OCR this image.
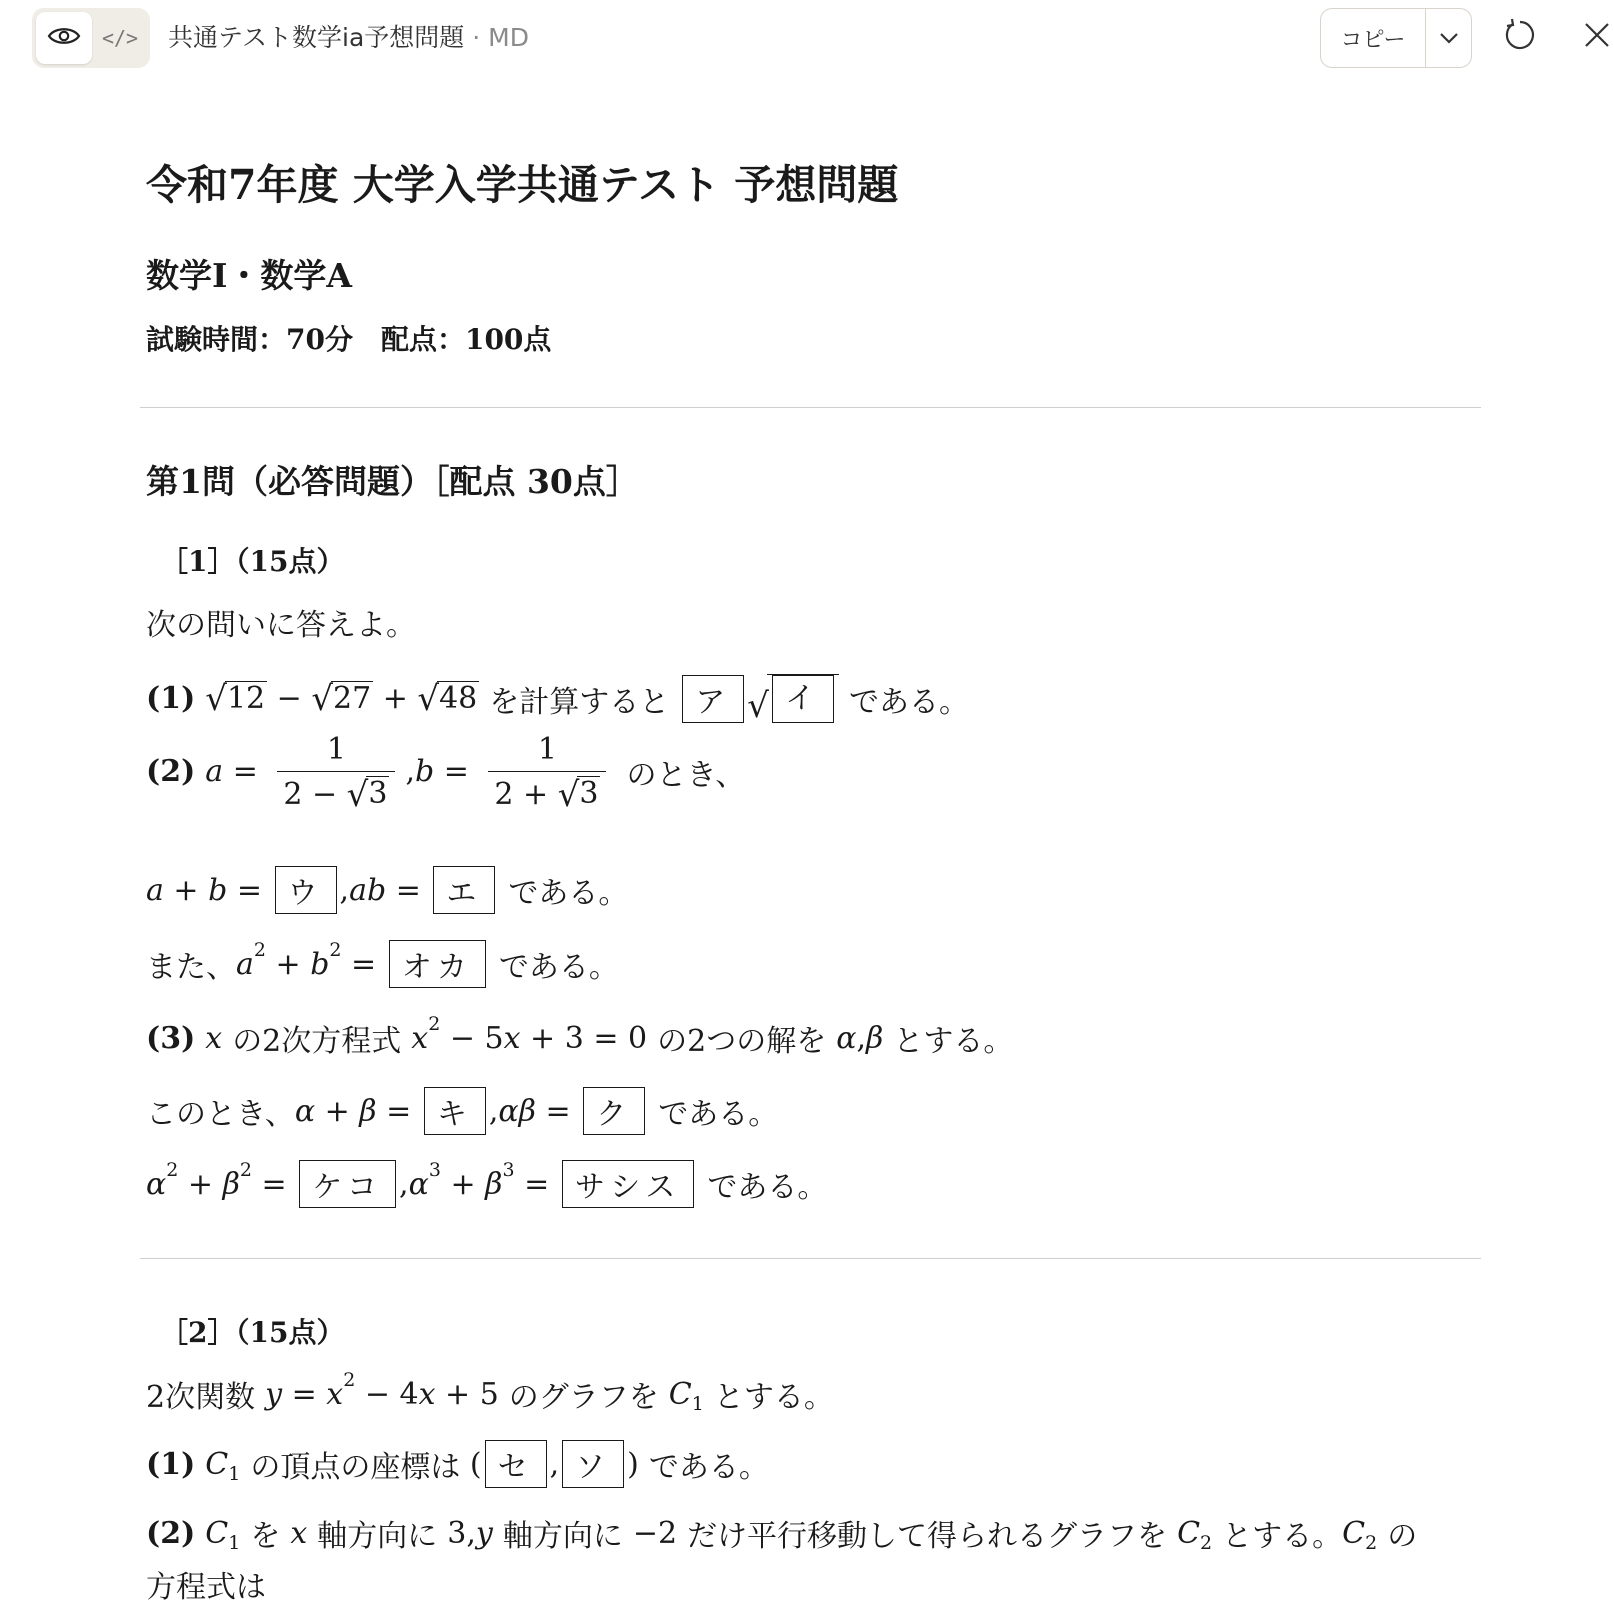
</> 共通テスト数学ia予想問題 · MD	コピー
令和7年度 大学入学共通テスト 予想問題
数学I・数学A
試験時間：70分　配点：100点
第1問（必答問題）［配点 30点］
［1］（15点）
次の問いに答えよ。
(1) √ 12 − √ 27 + √ 48 を計算すると ア √ イ である。
(2) $a = \frac{1}{2 - √ 3}$ , $b = \frac{1}{2 + √ 3}$ のとき、
a + b = ウ , ab = エ である。
また、 a 2 + b 2 = オカ である。
(3) x の2次方程式 x 2 − 5 x + 3 = 0 の2つの解を α , β とする。
このとき、 α + β = キ , αβ = ク である。
α 2 + β 2 = ケコ , α 3 + β 3 = サシス である。
［2］（15点）
2次関数 y = x 2 − 4 x + 5 のグラフを C 1 とする。
(1) C 1 の頂点の座標は ( セ , ソ ) である。
(2) C 1 を x 軸方向に 3, y 軸方向に −2 だけ平行移動して得られるグラフを C 2 とする。 C 2 の
方程式は
